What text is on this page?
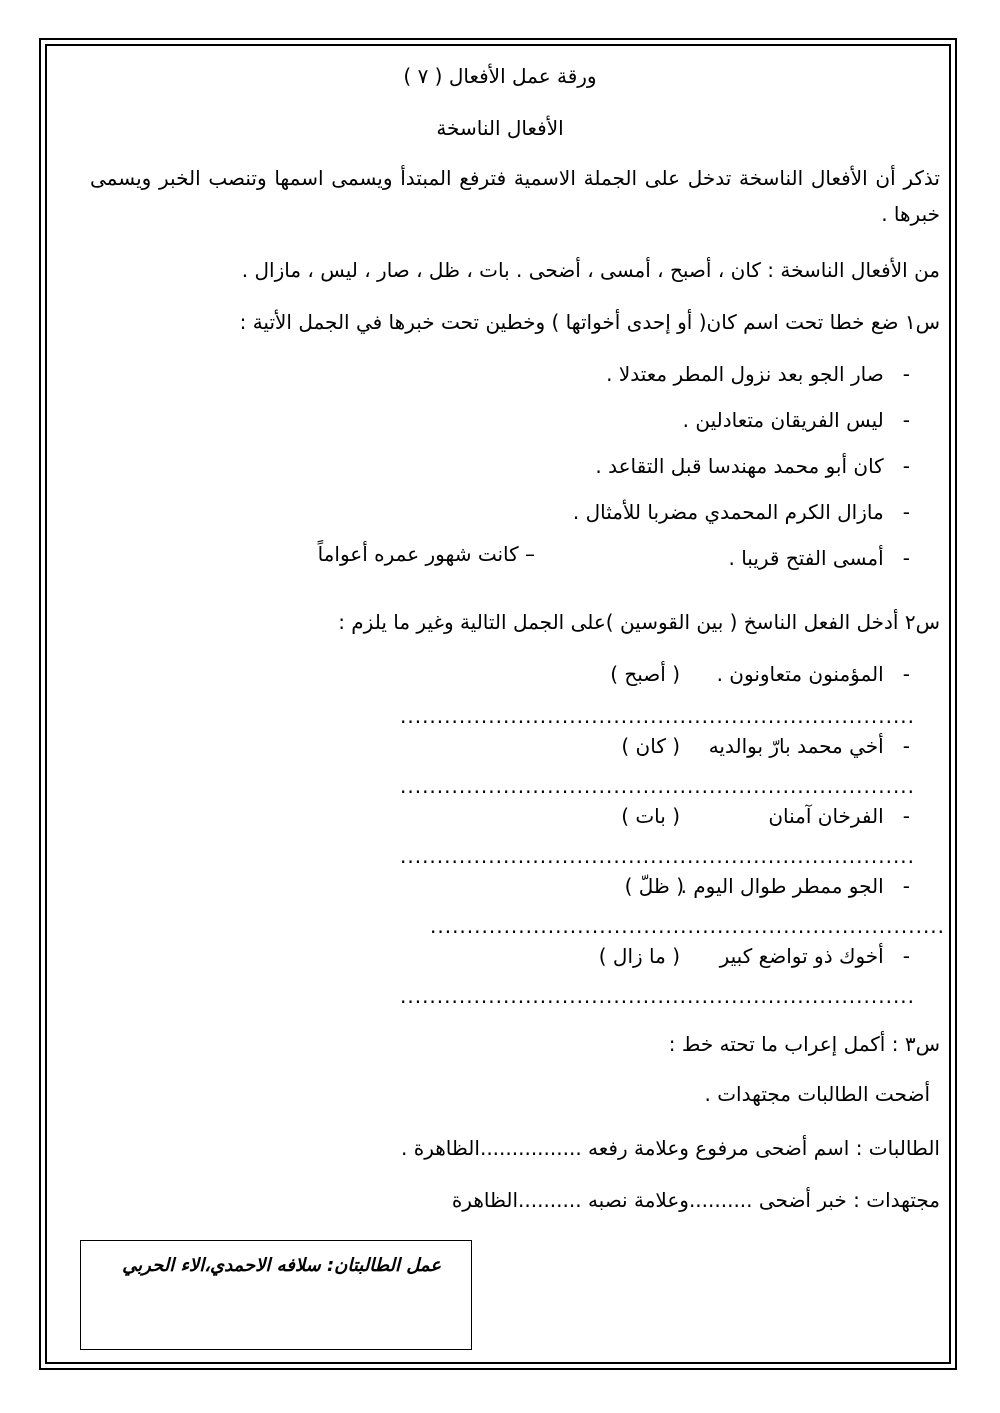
ورقة عمل الأفعال ( ٧ )
الأفعال الناسخة
تذكر أن الأفعال الناسخة تدخل على الجملة الاسمية فترفع المبتدأ ويسمى اسمها وتنصب الخبر ويسمى خبرها .
من الأفعال الناسخة : كان ، أصبح ، أمسى ، أضحى . بات ، ظل ، صار ، ليس ، مازال .
س١ ضع خطا تحت اسم كان( أو إحدى أخواتها ) وخطين تحت خبرها في الجمل الأتية :
-   صار الجو بعد نزول المطر معتدلا .
-   ليس الفريقان متعادلين .
-   كان أبو محمد مهندسا قبل التقاعد .
-   مازال الكرم المحمدي مضربا للأمثال .
-   أمسى الفتح قريبا .
– كانت شهور عمره أعواماً
س٢ أدخل الفعل الناسخ ( بين القوسين )على الجمل التالية وغير ما يلزم :
-   المؤمنون متعاونون .
( أصبح )
......................................................................
-   أخي محمد بارّ بوالديه
( كان )
......................................................................
-   الفرخان آمنان
( بات )
......................................................................
-   الجو ممطر طوال اليوم .
( ظلّ )
......................................................................
-   أخوك ذو تواضع كبير
( ما زال )
......................................................................
س٣ : أكمل إعراب ما تحته خط :
أضحت الطالبات مجتهدات .
الطالبات : اسم أضحى مرفوع وعلامة رفعه ................الظاهرة .
مجتهدات : خبر أضحى ..........وعلامة نصبه ..........الظاهرة
عمل الطالبتان: سلافه الاحمدي،الاء الحربي
